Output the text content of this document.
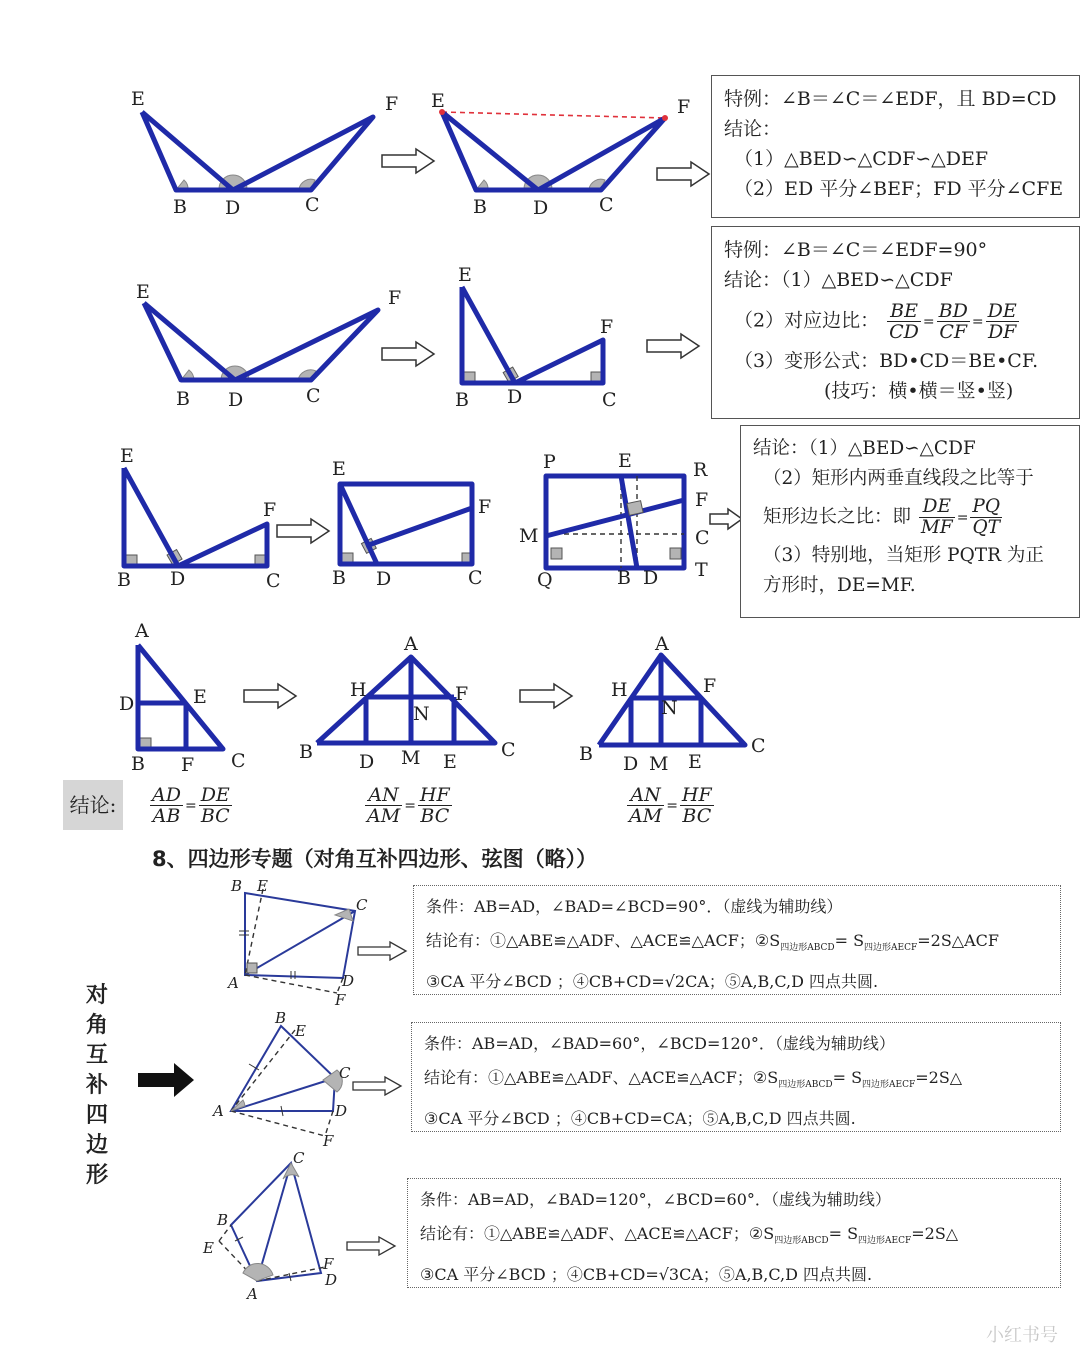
E	F
B D	C
E	F
B D	C
特例：∠B＝∠C＝∠EDF，且 BD=CD
结论：
（1）△BED∽△CDF∽△DEF
（2）ED 平分∠BEF；FD 平分∠CFE
E	F
B D	C
E
F
B D	C
特例：∠B＝∠C＝∠EDF=90°
结论：（1）△BED∽△CDF
（2）对应边比： $\frac{BE}{CD} = \frac{BD}{CF} = \frac{DE}{DF}$
（3）变形公式：BD•CD＝BE•CF.
(技巧：横•横＝竖•竖)
E
F
B D	C
E
F
B D	C
P	E	R
F
M	C
Q	B D T
结论：（1）△BED∽△CDF
（2）矩形内两垂直线段之比等于
矩形边长之比：即 $\frac{DE}{MF} = \frac{PQ}{QT}$
（3）特别地，当矩形 PQTR 为正
方形时，DE=MF.
A
D	E
B F C
A
H	F
N
B D M E
C
A
H	F
N
B D M E
C
结论:	$\frac{AD}{AB} = \frac{DE}{BC}$	$\frac{AN}{AM} = \frac{HF}{BC}$	$\frac{AN}{AM} = \frac{HF}{BC}$
8、四边形专题（对角互补四边形、弦图（略））
对
角
互
补
四
边
形
B E
C
A	D
F
条件：AB=AD，∠BAD=∠BCD=90°．（虚线为辅助线）
结论有：①△ABE≌△ADF、△ACE≌△ACF；$②S_{四边形ABCD}=$ $S_{四边形AECF}=2S\triangle ACF$
③CA 平分∠BCD ；④CB+CD=√2CA；⑤A,B,C,D 四点共圆.
B
E
C
A	D
F
条件：AB=AD，∠BAD=60°，∠BCD=120°．（虚线为辅助线）
结论有：①△ABE≌△ADF、△ACE≌△ACF；$②S_{四边形ABCD}=$ $S_{四边形AECF}=2S\triangle$
③CA 平分∠BCD ；④CB+CD=CA；⑤A,B,C,D 四点共圆.
C
B
E
F
D
A
条件：AB=AD，∠BAD=120°，∠BCD=60°．（虚线为辅助线）
结论有：①△ABE≌△ADF、△ACE≌△ACF；$②S_{四边形ABCD}=$ $S_{四边形AECF}=2S\triangle$
③CA 平分∠BCD ；④CB+CD=√3CA；⑤A,B,C,D 四点共圆.
小红书号
